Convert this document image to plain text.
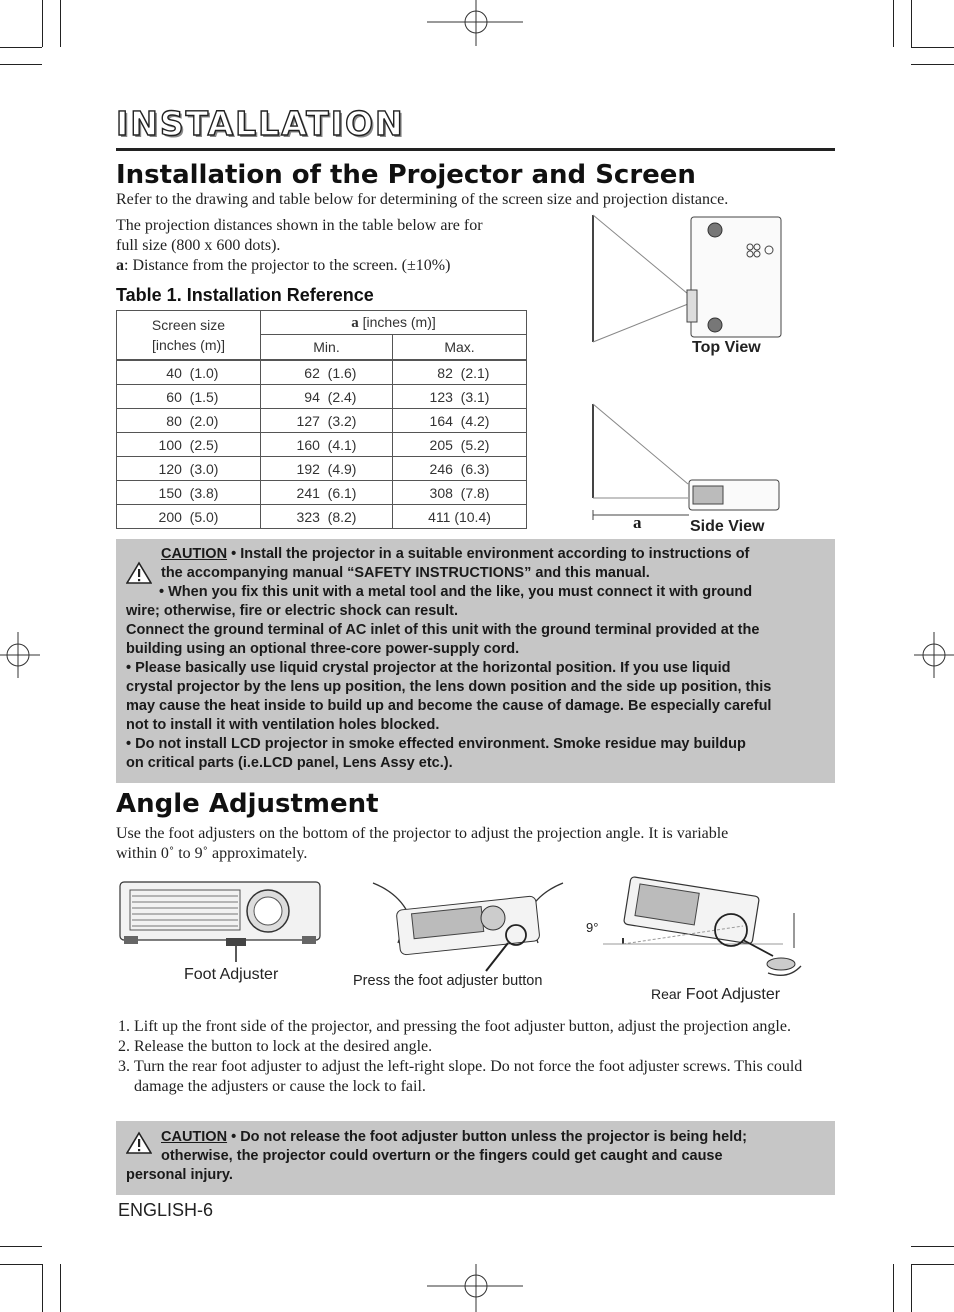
INSTALLATION
Installation of the Projector and Screen
Refer to the drawing and table below for determining of the screen size and projection distance.
The projection distances shown in the table below are for
full size (800 x 600 dots).
a: Distance from the projector to the screen. (±10%)
Table 1. Installation Reference
Screen size
[inches (m)]	a [inches (m)]	
	Min.	Max.
40  (1.0)	62  (1.6)	82  (2.1)
60  (1.5)	94  (2.4)	123  (3.1)
80  (2.0)	127  (3.2)	164  (4.2)
100  (2.5)	160  (4.1)	205  (5.2)
120  (3.0)	192  (4.9)	246  (6.3)
150  (3.8)	241  (6.1)	308  (7.8)
200  (5.0)	323  (8.2)	411 (10.4)
Top View
Side View
a
CAUTION • Install the projector in a suitable environment according to instructions of
the accompanying manual “SAFETY INSTRUCTIONS” and this manual.
• When you fix this unit with a metal tool and the like, you must connect it with ground
wire; otherwise, fire or electric shock can result.
Connect the ground terminal of AC inlet of this unit with the ground terminal provided at the
building using an optional three-core power-supply cord.
• Please basically use liquid crystal projector at the horizontal position. If you use liquid
crystal projector by the lens up position, the lens down position and the side up position, this
may cause the heat inside to build up and become the cause of damage. Be especially careful
not to install it with ventilation holes blocked.
• Do not install LCD projector in smoke effected environment. Smoke residue may buildup
on critical parts (i.e.LCD panel, Lens Assy etc.).
Angle Adjustment
Use the foot adjusters on the bottom of the projector to adjust the projection angle. It is variable
within 0˚ to 9˚ approximately.
Foot Adjuster	Press the foot adjuster button
9°
Rear Foot Adjuster
1. Lift up the front side of the projector, and pressing the foot adjuster button, adjust the projection angle.
2. Release the button to lock at the desired angle.
3. Turn the rear foot adjuster to adjust the left-right slope. Do not force the foot adjuster screws. This could damage the adjusters or cause the lock to fail.
CAUTION • Do not release the foot adjuster button unless the projector is being held;
otherwise, the projector could overturn or the fingers could get caught and cause
personal injury.
ENGLISH-6
